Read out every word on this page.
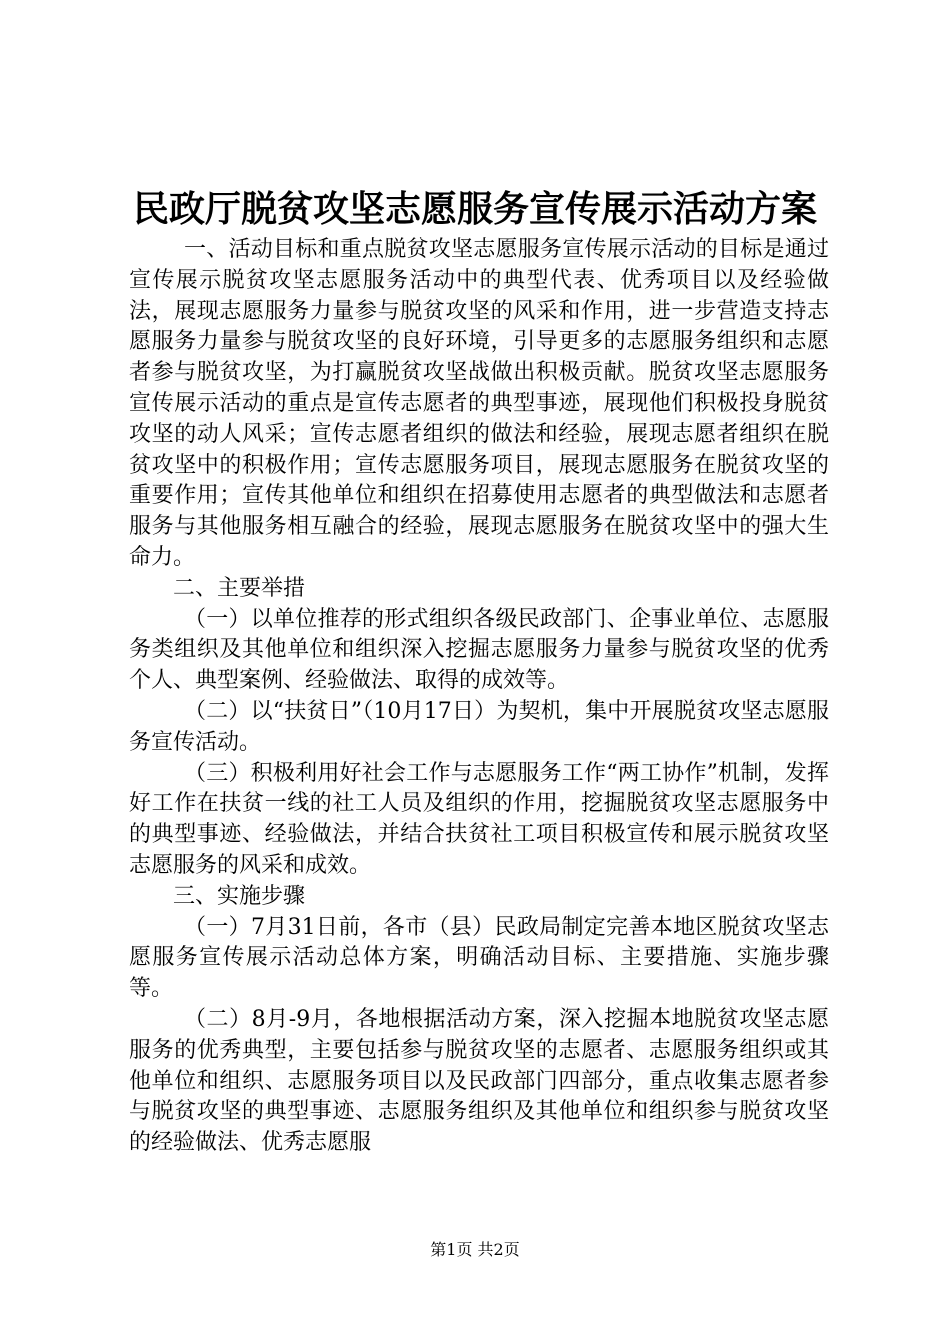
民政厅脱贫攻坚志愿服务宣传展示活动方案

一、活动目标和重点脱贫攻坚志愿服务宣传展示活动的目标是通过宣传展示脱贫攻坚志愿服务活动中的典型代表、优秀项目以及经验做法，展现志愿服务力量参与脱贫攻坚的风采和作用，进一步营造支持志愿服务力量参与脱贫攻坚的良好环境，引导更多的志愿服务组织和志愿者参与脱贫攻坚，为打赢脱贫攻坚战做出积极贡献。脱贫攻坚志愿服务宣传展示活动的重点是宣传志愿者的典型事迹，展现他们积极投身脱贫攻坚的动人风采；宣传志愿者组织的做法和经验，展现志愿者组织在脱贫攻坚中的积极作用；宣传志愿服务项目，展现志愿服务在脱贫攻坚的重要作用；宣传其他单位和组织在招募使用志愿者的典型做法和志愿者服务与其他服务相互融合的经验，展现志愿服务在脱贫攻坚中的强大生命力。

二、主要举措

（一）以单位推荐的形式组织各级民政部门、企事业单位、志愿服务类组织及其他单位和组织深入挖掘志愿服务力量参与脱贫攻坚的优秀个人、典型案例、经验做法、取得的成效等。

（二）以“扶贫日”（10月17日）为契机，集中开展脱贫攻坚志愿服务宣传活动。

（三）积极利用好社会工作与志愿服务工作“两工协作”机制，发挥好工作在扶贫一线的社工人员及组织的作用，挖掘脱贫攻坚志愿服务中的典型事迹、经验做法，并结合扶贫社工项目积极宣传和展示脱贫攻坚志愿服务的风采和成效。

三、实施步骤

（一）7月31日前，各市（县）民政局制定完善本地区脱贫攻坚志愿服务宣传展示活动总体方案，明确活动目标、主要措施、实施步骤等。

（二）8月-9月，各地根据活动方案，深入挖掘本地脱贫攻坚志愿服务的优秀典型，主要包括参与脱贫攻坚的志愿者、志愿服务组织或其他单位和组织、志愿服务项目以及民政部门四部分，重点收集志愿者参与脱贫攻坚的典型事迹、志愿服务组织及其他单位和组织参与脱贫攻坚的经验做法、优秀志愿服

第1页 共2页
